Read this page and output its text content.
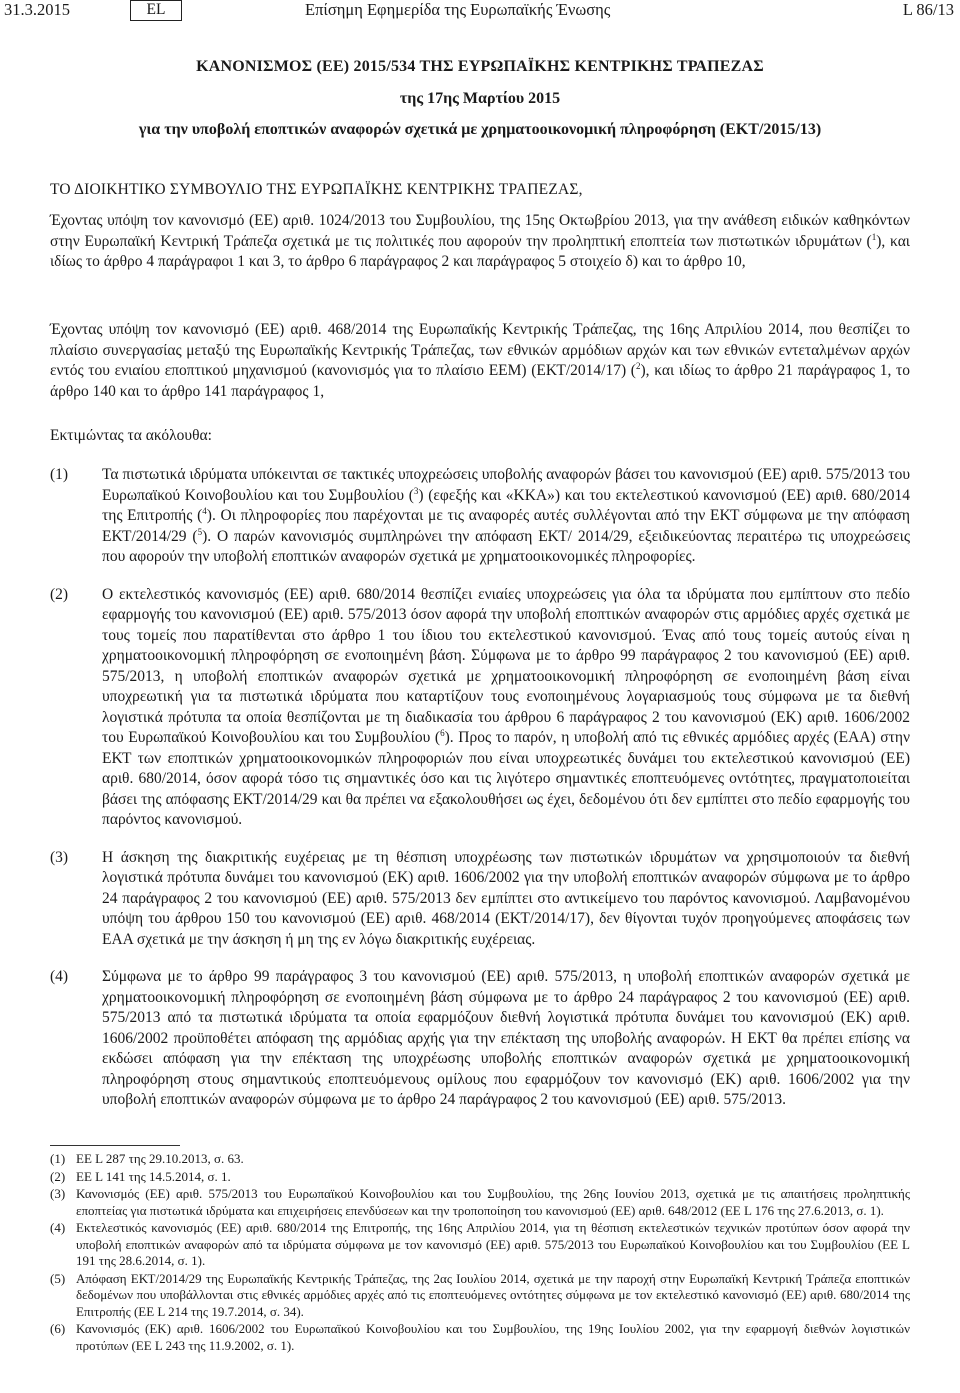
31.3.2015	EL	Επίσημη Εφημερίδα της Ευρωπαϊκής Ένωσης	L 86/13
ΚΑΝΟΝΙΣΜΟΣ (ΕΕ) 2015/534 ΤΗΣ ΕΥΡΩΠΑΪΚΗΣ ΚΕΝΤΡΙΚΗΣ ΤΡΑΠΕΖΑΣ
της 17ης Μαρτίου 2015
για την υποβολή εποπτικών αναφορών σχετικά με χρηματοοικονομική πληροφόρηση (ΕΚΤ/2015/13)
ΤΟ ΔΙΟΙΚΗΤΙΚΟ ΣΥΜΒΟΥΛΙΟ ΤΗΣ ΕΥΡΩΠΑΪΚΗΣ ΚΕΝΤΡΙΚΗΣ ΤΡΑΠΕΖΑΣ,
Έχοντας υπόψη τον κανονισμό (ΕΕ) αριθ. 1024/2013 του Συμβουλίου, της 15ης Οκτωβρίου 2013, για την ανάθεση ειδικών καθηκόντων στην Ευρωπαϊκή Κεντρική Τράπεζα σχετικά με τις πολιτικές που αφορούν την προληπτική εποπτεία των πιστωτικών ιδρυμάτων ($^1$), και ιδίως το άρθρο 4 παράγραφοι 1 και 3, το άρθρο 6 παράγραφος 2 και παράγραφος 5 στοιχείο δ) και το άρθρο 10,
Έχοντας υπόψη τον κανονισμό (ΕΕ) αριθ. 468/2014 της Ευρωπαϊκής Κεντρικής Τράπεζας, της 16ης Απριλίου 2014, που θεσπίζει το πλαίσιο συνεργασίας μεταξύ της Ευρωπαϊκής Κεντρικής Τράπεζας, των εθνικών αρμόδιων αρχών και των εθνικών εντεταλμένων αρχών εντός του ενιαίου εποπτικού μηχανισμού (κανονισμός για το πλαίσιο ΕΕΜ) (ΕΚΤ/2014/17) ($^2$), και ιδίως το άρθρο 21 παράγραφος 1, το άρθρο 140 και το άρθρο 141 παράγραφος 1,
Εκτιμώντας τα ακόλουθα:
(1) Τα πιστωτικά ιδρύματα υπόκεινται σε τακτικές υποχρεώσεις υποβολής αναφορών βάσει του κανονισμού (ΕΕ) αριθ. 575/2013 του Ευρωπαϊκού Κοινοβουλίου και του Συμβουλίου ($^3$) (εφεξής και «ΚΚΑ») και του εκτελεστικού κανονισμού (ΕΕ) αριθ. 680/2014 της Επιτροπής ($^4$). Οι πληροφορίες που παρέχονται με τις αναφορές αυτές συλλέγονται από την ΕΚΤ σύμφωνα με την απόφαση ΕΚΤ/2014/29 ($^5$). Ο παρών κανονισμός συμπληρώνει την απόφαση ΕΚΤ/ 2014/29, εξειδικεύοντας περαιτέρω τις υποχρεώσεις που αφορούν την υποβολή εποπτικών αναφορών σχετικά με χρηματοοικονομικές πληροφορίες.
(2) Ο εκτελεστικός κανονισμός (ΕΕ) αριθ. 680/2014 θεσπίζει ενιαίες υποχρεώσεις για όλα τα ιδρύματα που εμπίπτουν στο πεδίο εφαρμογής του κανονισμού (ΕΕ) αριθ. 575/2013 όσον αφορά την υποβολή εποπτικών αναφορών στις αρμόδιες αρχές σχετικά με τους τομείς που παρατίθενται στο άρθρο 1 του ίδιου του εκτελεστικού κανονισμού. Ένας από τους τομείς αυτούς είναι η χρηματοοικονομική πληροφόρηση σε ενοποιημένη βάση. Σύμφωνα με το άρθρο 99 παράγραφος 2 του κανονισμού (ΕΕ) αριθ. 575/2013, η υποβολή εποπτικών αναφορών σχετικά με χρηματοοικονομική πληροφόρηση σε ενοποιημένη βάση είναι υποχρεωτική για τα πιστωτικά ιδρύματα που καταρτίζουν τους ενοποιημένους λογαριασμούς τους σύμφωνα με τα διεθνή λογιστικά πρότυπα τα οποία θεσπίζονται με τη διαδικασία του άρθρου 6 παράγραφος 2 του κανονισμού (ΕΚ) αριθ. 1606/2002 του Ευρωπαϊκού Κοινοβουλίου και του Συμβουλίου ($^6$). Προς το παρόν, η υποβολή από τις εθνικές αρμόδιες αρχές (ΕΑΑ) στην ΕΚΤ των εποπτικών χρηματοοικονομικών πληροφοριών που είναι υποχρεωτικές δυνάμει του εκτελεστικού κανονισμού (ΕΕ) αριθ. 680/2014, όσον αφορά τόσο τις σημαντικές όσο και τις λιγότερο σημαντικές εποπτευόμενες οντότητες, πραγματοποιείται βάσει της απόφασης ΕΚΤ/2014/29 και θα πρέπει να εξακολουθήσει ως έχει, δεδομένου ότι δεν εμπίπτει στο πεδίο εφαρμογής του παρόντος κανονισμού.
(3) Η άσκηση της διακριτικής ευχέρειας με τη θέσπιση υποχρέωσης των πιστωτικών ιδρυμάτων να χρησιμοποιούν τα διεθνή λογιστικά πρότυπα δυνάμει του κανονισμού (ΕΚ) αριθ. 1606/2002 για την υποβολή εποπτικών αναφορών σύμφωνα με το άρθρο 24 παράγραφος 2 του κανονισμού (ΕΕ) αριθ. 575/2013 δεν εμπίπτει στο αντικείμενο του παρόντος κανονισμού. Λαμβανομένου υπόψη του άρθρου 150 του κανονισμού (ΕΕ) αριθ. 468/2014 (ΕΚΤ/2014/17), δεν θίγονται τυχόν προηγούμενες αποφάσεις των ΕΑΑ σχετικά με την άσκηση ή μη της εν λόγω διακριτικής ευχέρειας.
(4) Σύμφωνα με το άρθρο 99 παράγραφος 3 του κανονισμού (ΕΕ) αριθ. 575/2013, η υποβολή εποπτικών αναφορών σχετικά με χρηματοοικονομική πληροφόρηση σε ενοποιημένη βάση σύμφωνα με το άρθρο 24 παράγραφος 2 του κανονισμού (ΕΕ) αριθ. 575/2013 από τα πιστωτικά ιδρύματα τα οποία εφαρμόζουν διεθνή λογιστικά πρότυπα δυνάμει του κανονισμού (ΕΚ) αριθ. 1606/2002 προϋποθέτει απόφαση της αρμόδιας αρχής για την επέκταση της υποβολής αναφορών. Η ΕΚΤ θα πρέπει επίσης να εκδώσει απόφαση για την επέκταση της υποχρέωσης υποβολής εποπτικών αναφορών σχετικά με χρηματοοικονομική πληροφόρηση στους σημαντικούς εποπτευόμενους ομίλους που εφαρμόζουν τον κανονισμό (ΕΚ) αριθ. 1606/2002 για την υποβολή εποπτικών αναφορών σύμφωνα με το άρθρο 24 παράγραφος 2 του κανονισμού (ΕΕ) αριθ. 575/2013.
(1) ΕΕ L 287 της 29.10.2013, σ. 63.
(2) ΕΕ L 141 της 14.5.2014, σ. 1.
(3) Κανονισμός (ΕΕ) αριθ. 575/2013 του Ευρωπαϊκού Κοινοβουλίου και του Συμβουλίου, της 26ης Ιουνίου 2013, σχετικά με τις απαιτήσεις προληπτικής εποπτείας για πιστωτικά ιδρύματα και επιχειρήσεις επενδύσεων και την τροποποίηση του κανονισμού (ΕΕ) αριθ. 648/2012 (ΕΕ L 176 της 27.6.2013, σ. 1).
(4) Εκτελεστικός κανονισμός (ΕΕ) αριθ. 680/2014 της Επιτροπής, της 16ης Απριλίου 2014, για τη θέσπιση εκτελεστικών τεχνικών προτύπων όσον αφορά την υποβολή εποπτικών αναφορών από τα ιδρύματα σύμφωνα με τον κανονισμό (ΕΕ) αριθ. 575/2013 του Ευρωπαϊκού Κοινοβουλίου και του Συμβουλίου (ΕΕ L 191 της 28.6.2014, σ. 1).
(5) Απόφαση ΕΚΤ/2014/29 της Ευρωπαϊκής Κεντρικής Τράπεζας, της 2ας Ιουλίου 2014, σχετικά με την παροχή στην Ευρωπαϊκή Κεντρική Τράπεζα εποπτικών δεδομένων που υποβάλλονται στις εθνικές αρμόδιες αρχές από τις εποπτευόμενες οντότητες σύμφωνα με τον εκτελεστικό κανονισμό (ΕΕ) αριθ. 680/2014 της Επιτροπής (ΕΕ L 214 της 19.7.2014, σ. 34).
(6) Κανονισμός (ΕΚ) αριθ. 1606/2002 του Ευρωπαϊκού Κοινοβουλίου και του Συμβουλίου, της 19ης Ιουλίου 2002, για την εφαρμογή διεθνών λογιστικών προτύπων (ΕΕ L 243 της 11.9.2002, σ. 1).
